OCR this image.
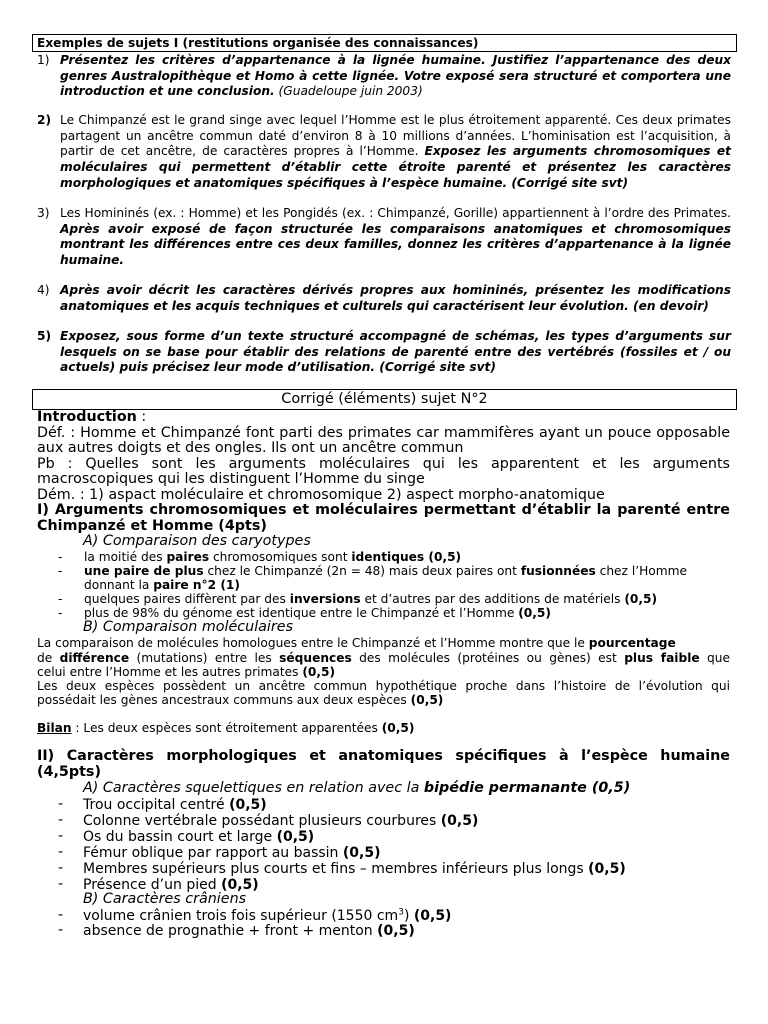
Exemples de sujets I (restitutions organisée des connaissances)
1) Présentez les critères d’appartenance à la lignée humaine. Justifiez l’appartenance des deux genres Australopithèque et Homo à cette lignée. Votre exposé sera structuré et comportera une introduction et une conclusion. (Guadeloupe juin 2003)
2) Le Chimpanzé est le grand singe avec lequel l’Homme est le plus étroitement apparenté. Ces deux primates partagent un ancêtre commun daté d’environ 8 à 10 millions d’années. L’hominisation est l’acquisition, à partir de cet ancêtre, de caractères propres à l’Homme. Exposez les arguments chromosomiques et moléculaires qui permettent d’établir cette étroite parenté et présentez les caractères morphologiques et anatomiques spécifiques à l’espèce humaine. (Corrigé site svt)
3) Les Homininés (ex. : Homme) et les Pongidés (ex. : Chimpanzé, Gorille) appartiennent à l’ordre des Primates. Après avoir exposé de façon structurée les comparaisons anatomiques et chromosomiques montrant les différences entre ces deux familles, donnez les critères d’appartenance à la lignée humaine.
4) Après avoir décrit les caractères dérivés propres aux homininés, présentez les modifications anatomiques et les acquis techniques et culturels qui caractérisent leur évolution. (en devoir)
5) Exposez, sous forme d’un texte structuré accompagné de schémas, les types d’arguments sur lesquels on se base pour établir des relations de parenté entre des vertébrés (fossiles et / ou actuels) puis précisez leur mode d’utilisation. (Corrigé site svt)
Corrigé (éléments) sujet N°2
Introduction :
Déf. : Homme et Chimpanzé font parti des primates car mammifères ayant un pouce opposable
aux autres doigts et des ongles. Ils ont un ancêtre commun
Pb : Quelles sont les arguments moléculaires qui les apparentent et les arguments
macroscopiques qui les distinguent l’Homme du singe
Dém. : 1) aspact moléculaire et chromosomique 2) aspect morpho-anatomique
I) Arguments chromosomiques et moléculaires permettant d’établir la parenté entre
Chimpanzé et Homme (4pts)
A) Comparaison des caryotypes
- la moitié des paires chromosomiques sont identiques (0,5)
- une paire de plus chez le Chimpanzé (2n = 48) mais deux paires ont fusionnées chez l’Homme
donnant la paire n°2 (1)
- quelques paires diffèrent par des inversions et d’autres par des additions de matériels (0,5)
- plus de 98% du génome est identique entre le Chimpanzé et l’Homme (0,5)
B) Comparaison moléculaires
La comparaison de molécules homologues entre le Chimpanzé et l’Homme montre que le pourcentage
de différence (mutations) entre les séquences des molécules (protéines ou gènes) est plus faible que
celui entre l’Homme et les autres primates (0,5)
Les deux espèces possèdent un ancêtre commun hypothétique proche dans l’histoire de l’évolution qui
possédait les gènes ancestraux communs aux deux espèces (0,5)
Bilan : Les deux espèces sont étroitement apparentées (0,5)
II) Caractères morphologiques et anatomiques spécifiques à l’espèce humaine
(4,5pts)
A) Caractères squelettiques en relation avec la bipédie permanante (0,5)
- Trou occipital centré (0,5)
- Colonne vertébrale possédant plusieurs courbures (0,5)
- Os du bassin court et large (0,5)
- Fémur oblique par rapport au bassin (0,5)
- Membres supérieurs plus courts et fins – membres inférieurs plus longs (0,5)
- Présence d’un pied (0,5)
B) Caractères crâniens
- volume crânien trois fois supérieur (1550 $cm^3$) (0,5)
- absence de prognathie + front + menton (0,5)
